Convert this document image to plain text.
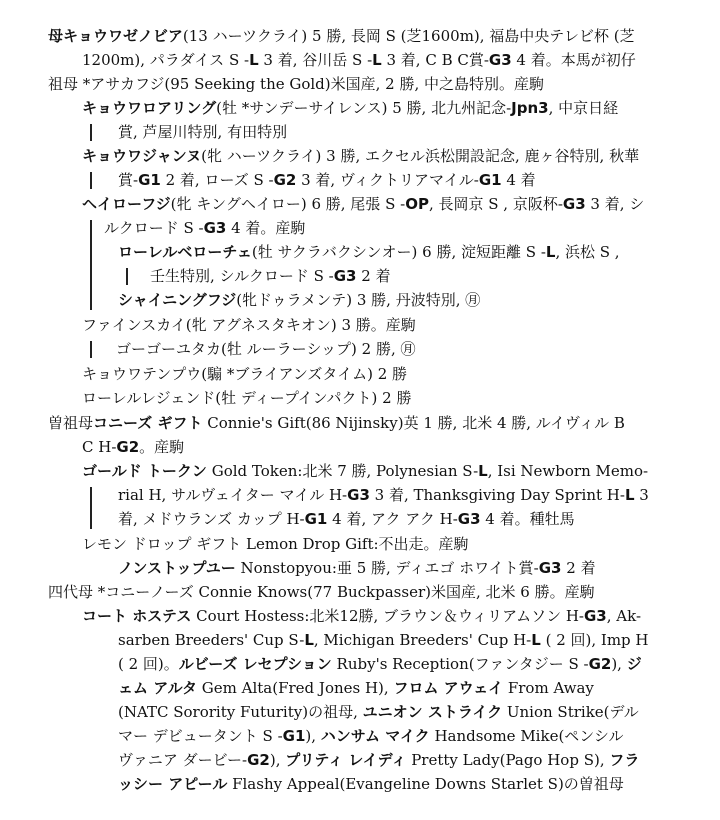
母キョウワゼノビア(13 ハーツクライ) 5 勝, 長岡 S (芝1600m), 福島中央テレビ杯 (芝
1200m), パラダイス S -L 3 着, 谷川岳 S -L 3 着, C B C賞-G3 4 着。本馬が初仔
祖母 *アサカフジ(95 Seeking the Gold)米国産, 2 勝, 中之島特別。産駒
キョウワロアリング(牡 *サンデーサイレンス) 5 勝, 北九州記念-Jpn3, 中京日経
賞, 芦屋川特別, 有田特別
キョウワジャンヌ(牝 ハーツクライ) 3 勝, エクセル浜松開設記念, 鹿ヶ谷特別, 秋華
賞-G1 2 着, ローズ S -G2 3 着, ヴィクトリアマイル-G1 4 着
ヘイローフジ(牝 キングヘイロー) 6 勝, 尾張 S -OP, 長岡京 S , 京阪杯-G3 3 着, シ
ルクロード S -G3 4 着。産駒
ローレルベローチェ(牡 サクラバクシンオー) 6 勝, 淀短距離 S -L, 浜松 S ,
壬生特別, シルクロード S -G3 2 着
シャイニングフジ(牝ドゥラメンテ) 3 勝, 丹波特別, ㊊
ファインスカイ(牝 アグネスタキオン) 3 勝。産駒
ゴーゴーユタカ(牡 ルーラーシップ) 2 勝, ㊊
キョウワテンプウ(騸 *ブライアンズタイム) 2 勝
ローレルレジェンド(牡 ディープインパクト) 2 勝
曽祖母コニーズ ギフト Connie's Gift(86 Nijinsky)英 1 勝, 北米 4 勝, ルイヴィル B
C H-G2。産駒
ゴールド トークン Gold Token:北米 7 勝, Polynesian S-L, Isi Newborn Memo-
rial H, サルヴェイター マイル H-G3 3 着, Thanksgiving Day Sprint H-L 3
着, メドウランズ カップ H-G1 4 着, アク アク H-G3 4 着。種牡馬
レモン ドロップ ギフト Lemon Drop Gift:不出走。産駒
ノンストップユー Nonstopyou:亜 5 勝, ディエゴ ホワイト賞-G3 2 着
四代母 *コニーノーズ Connie Knows(77 Buckpasser)米国産, 北米 6 勝。産駒
コート ホステス Court Hostess:北米12勝, ブラウン＆ウィリアムソン H-G3, Ak-
sarben Breeders' Cup S-L, Michigan Breeders' Cup H-L ( 2 回), Imp H
( 2 回)。ルビーズ レセプション Ruby's Reception(ファンタジー S -G2), ジ
ェム アルタ Gem Alta(Fred Jones H), フロム アウェイ From Away
(NATC Sorority Futurity)の祖母, ユニオン ストライク Union Strike(デル
マー デビュータント S -G1), ハンサム マイク Handsome Mike(ペンシル
ヴァニア ダービー-G2), プリティ レイディ Pretty Lady(Pago Hop S), フラ
ッシー アピール Flashy Appeal(Evangeline Downs Starlet S)の曽祖母
